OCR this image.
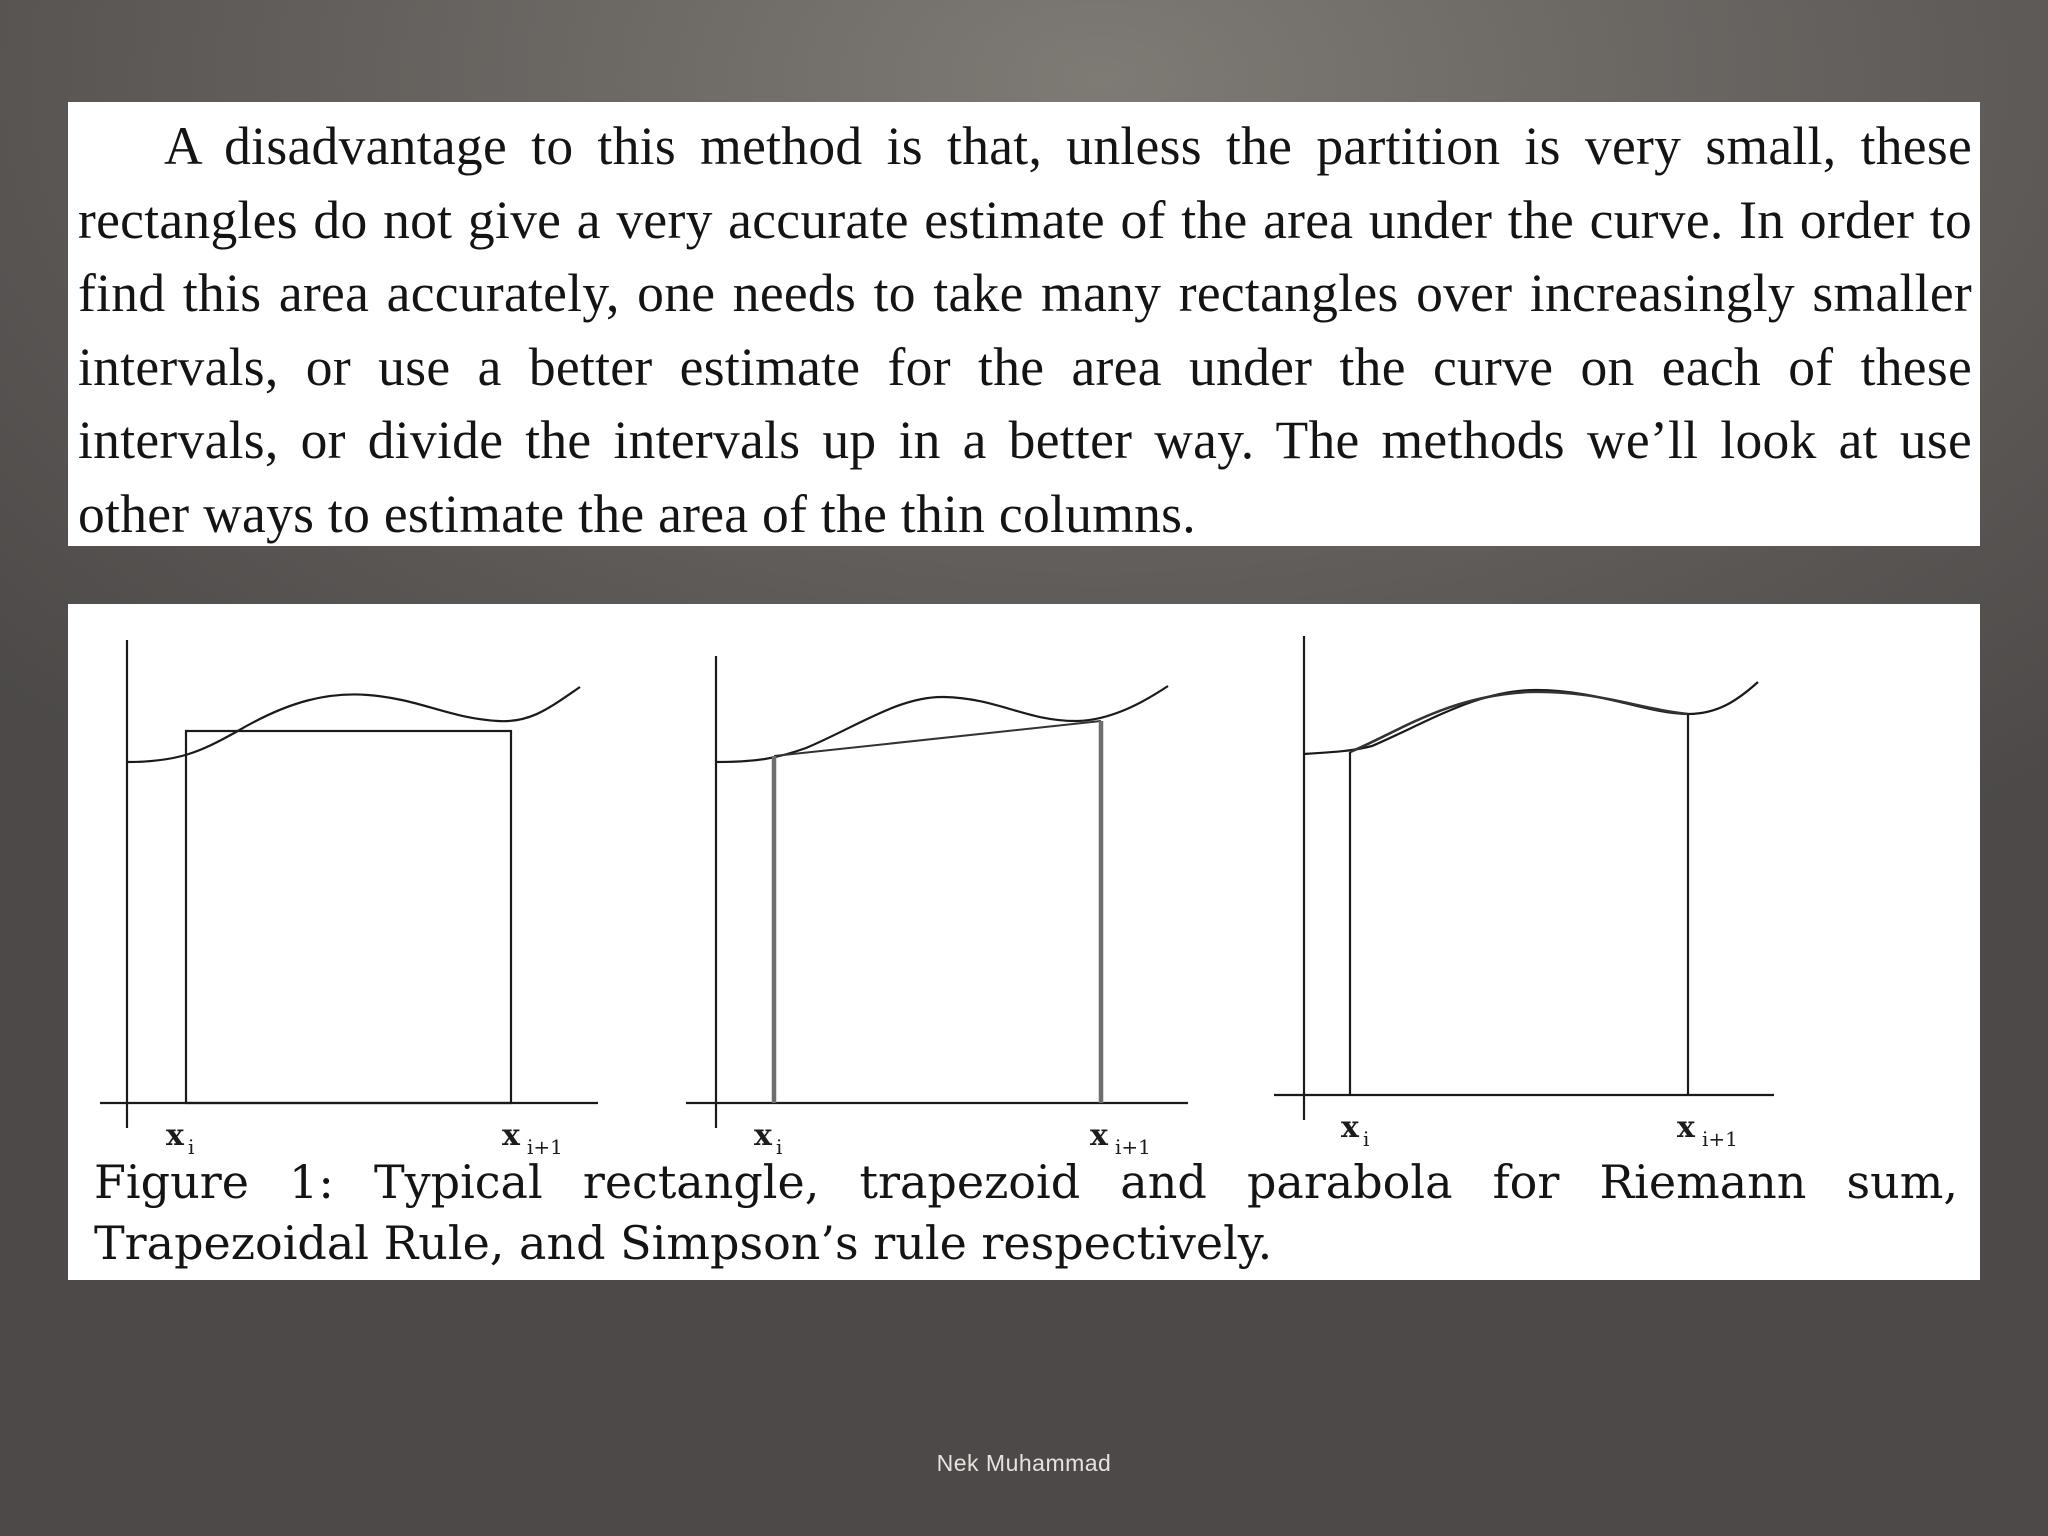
A disadvantage to this method is that, unless the partition is very small, these rectangles do not give a very accurate estimate of the area under the curve. In order to find this area accurately, one needs to take many rectangles over increasingly smaller intervals, or use a better estimate for the area under the curve on each of these intervals, or divide the intervals up in a better way. The methods we’ll look at use other ways to estimate the area of the thin columns.

x i	x i+1	x i	x i+1
x i	x i+1

Figure 1: Typical rectangle, trapezoid and parabola for Riemann sum, Trapezoidal Rule, and Simpson’s rule respectively.

Nek Muhammad
